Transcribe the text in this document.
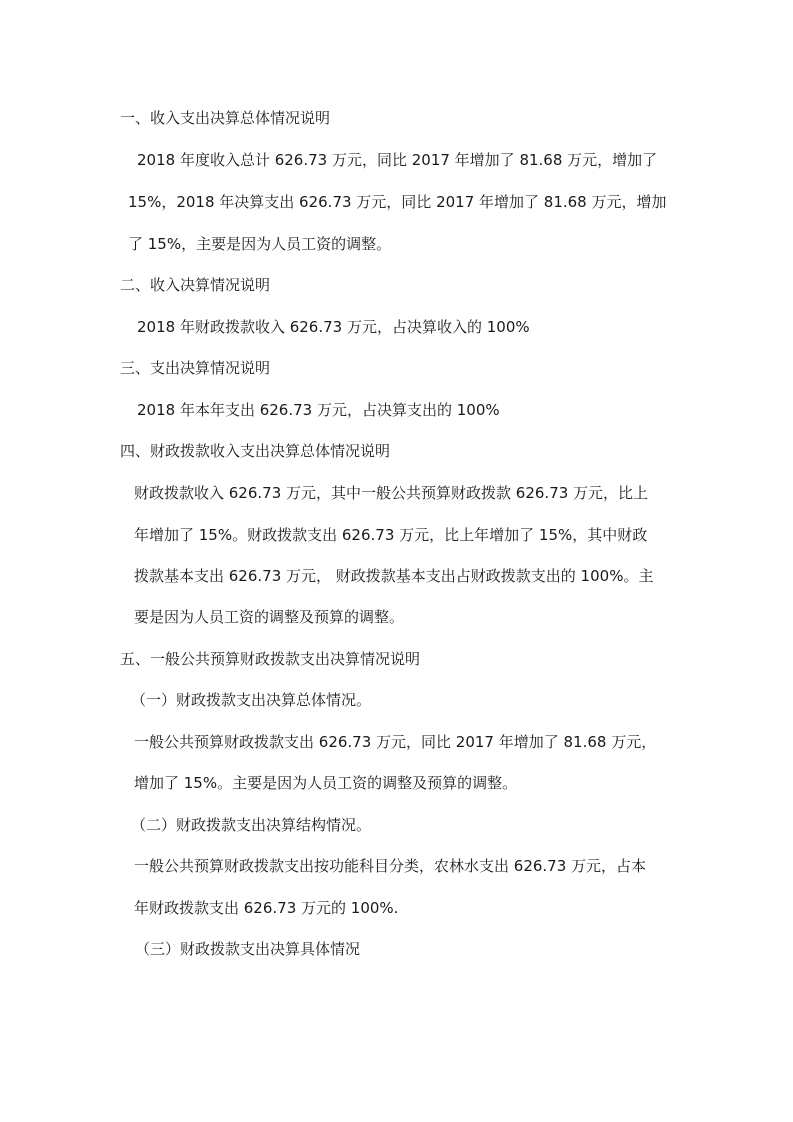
一、收入支出决算总体情况说明

2018 年度收入总计 626.73 万元，同比 2017 年增加了 81.68 万元，增加了

15%，2018 年决算支出 626.73 万元，同比 2017 年增加了 81.68 万元，增加

了 15%，主要是因为人员工资的调整。

二、收入决算情况说明

2018 年财政拨款收入 626.73 万元，占决算收入的 100%

三、支出决算情况说明

2018 年本年支出 626.73 万元，占决算支出的 100%

四、财政拨款收入支出决算总体情况说明

财政拨款收入 626.73 万元，其中一般公共预算财政拨款 626.73 万元，比上

年增加了 15%。财政拨款支出 626.73 万元，比上年增加了 15%，其中财政

拨款基本支出 626.73 万元， 财政拨款基本支出占财政拨款支出的 100%。主

要是因为人员工资的调整及预算的调整。

五、一般公共预算财政拨款支出决算情况说明

（一）财政拨款支出决算总体情况。

一般公共预算财政拨款支出 626.73 万元，同比 2017 年增加了 81.68 万元，

增加了 15%。主要是因为人员工资的调整及预算的调整。

（二）财政拨款支出决算结构情况。

一般公共预算财政拨款支出按功能科目分类，农林水支出 626.73 万元，占本

年财政拨款支出 626.73 万元的 100%.

（三）财政拨款支出决算具体情况
